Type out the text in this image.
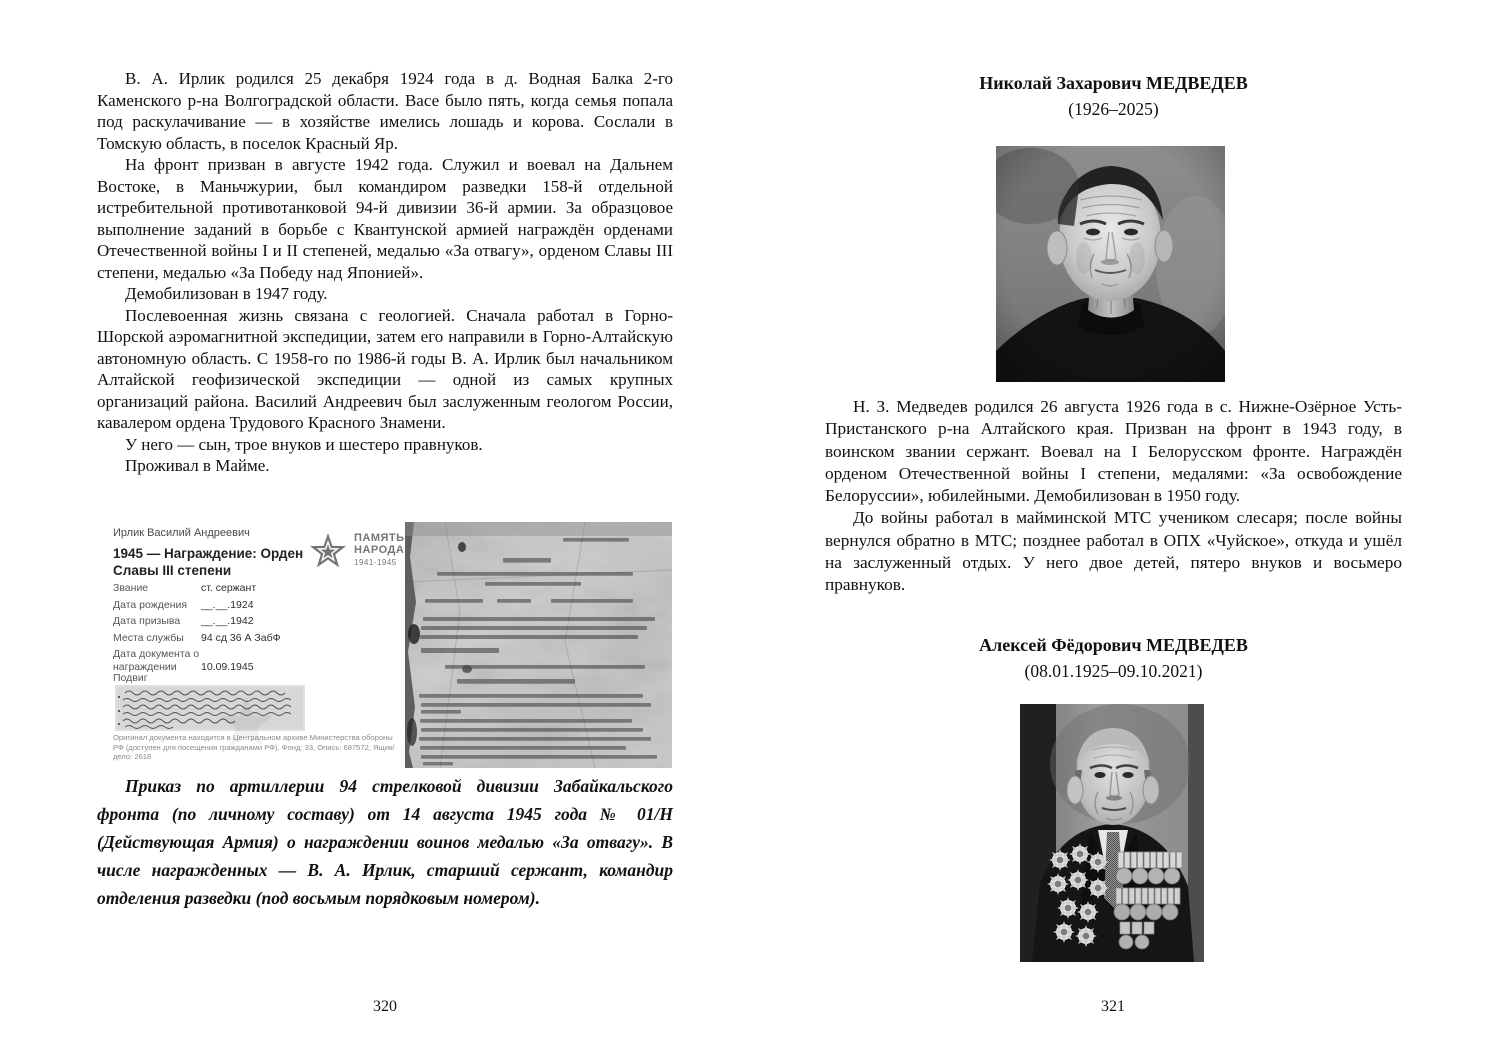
В. А. Ирлик родился 25 декабря 1924 года в д. Водная Балка 2-го Каменского р-на Волгоградской области. Васе было пять, когда семья попала под раскулачивание — в хозяйстве имелись лошадь и корова. Сослали в Томскую область, в поселок Красный Яр.

На фронт призван в августе 1942 года. Служил и воевал на Дальнем Востоке, в Маньчжурии, был командиром разведки 158-й отдельной истребительной противотанковой 94-й дивизии 36-й армии. За образцовое выполнение заданий в борьбе с Квантунской армией награждён орденами Отечественной войны I и II степеней, медалью «За отвагу», орденом Славы III степени, медалью «За Победу над Японией».

Демобилизован в 1947 году.

Послевоенная жизнь связана с геологией. Сначала работал в Горно-Шорской аэромагнитной экспедиции, затем его направили в Горно-Алтайскую автономную область. С 1958-го по 1986-й годы В. А. Ирлик был начальником Алтайской геофизической экспедиции — одной из самых крупных организаций района. Василий Андреевич был заслуженным геологом России, кавалером ордена Трудового Красного Знамени.

У него — сын, трое внуков и шестеро правнуков.

Проживал в Майме.

Ирлик Василий Андреевич
1945 — Награждение: Орден Славы III степени
ПАМЯТЬ
НАРОДА
1941-1945
Звание	ст. сержант
Дата рождения	__.__.1924
Дата призыва	__.__.1942
Места службы	94 сд 36 А ЗабФ
Дата документа о награждении	10.09.1945
Подвиг
★
Оригинал документа находится в Центральном архиве Министерства обороны РФ (доступен для посещения гражданами РФ), Фонд: 33, Опись: 687572, Ящик/дело: 2618
Приказ по артиллерии 94 стрелковой дивизии Забайкальского фронта (по личному составу) от 14 августа 1945 года № 01/Н (Действующая Армия) о награждении воинов медалью «За отвагу». В числе награжденных — В. А. Ирлик, старший сержант, командир отделения разведки (под восьмым порядковым номером).
320
Николай Захарович МЕДВЕДЕВ
(1926–2025)

Н. З. Медведев родился 26 августа 1926 года в с. Нижне-Озёрное Усть-Пристанского р-на Алтайского края. Призван на фронт в 1943 году, в воинском звании сержант. Воевал на I Белорусском фронте. Награждён орденом Отечественной войны I степени, медалями: «За освобождение Белоруссии», юбилейными. Демобилизован в 1950 году.

До войны работал в майминской МТС учеником слесаря; после войны вернулся обратно в МТС; позднее работал в ОПХ «Чуйское», откуда и ушёл на заслуженный отдых. У него двое детей, пятеро внуков и восьмеро правнуков.

Алексей Фёдорович МЕДВЕДЕВ
(08.01.1925–09.10.2021)
321
